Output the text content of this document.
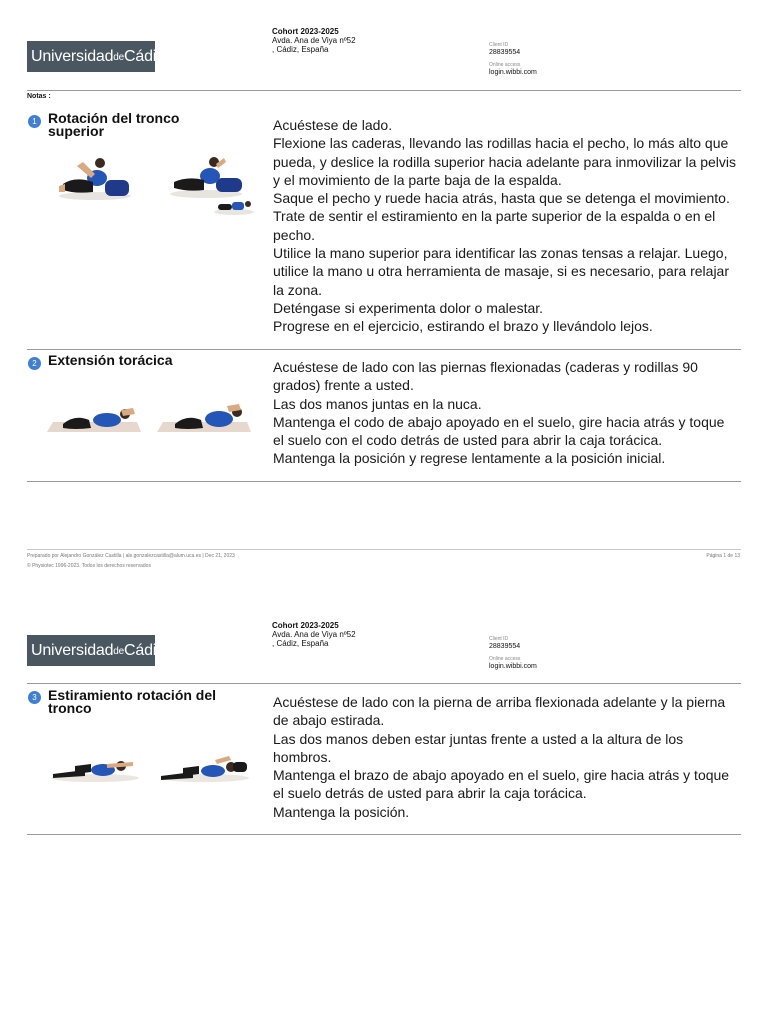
Universidad de Cádiz
Cohort 2023-2025
Avda. Ana de Viya nº52
, Cádiz, España	Client ID
28839554
Online access
login.wibbi.com
Notas :
1 Rotación del tronco
superior	Acuéstese de lado.

Flexione las caderas, llevando las rodillas hacia el pecho, lo más alto que

pueda, y deslice la rodilla superior hacia adelante para inmovilizar la pelvis

y el movimiento de la parte baja de la espalda.

Saque el pecho y ruede hacia atrás, hasta que se detenga el movimiento.

Trate de sentir el estiramiento en la parte superior de la espalda o en el

pecho.

Utilice la mano superior para identificar las zonas tensas a relajar. Luego,

utilice la mano u otra herramienta de masaje, si es necesario, para relajar

la zona.

Deténgase si experimenta dolor o malestar.

Progrese en el ejercicio, estirando el brazo y llevándolo lejos.

2 Extensión torácica	Acuéstese de lado con las piernas flexionadas (caderas y rodillas 90

grados) frente a usted.

Las dos manos juntas en la nuca.

Mantenga el codo de abajo apoyado en el suelo, gire hacia atrás y toque

el suelo con el codo detrás de usted para abrir la caja torácica.

Mantenga la posición y regrese lentamente a la posición inicial.

Preparado por Alejandro González Castilla | ale.gonzalezcastilla@alum.uca.es | Dec 21, 2023
© Physiotec 1996-2023. Todos los derechos reservados
Página 1 de 13
Universidad de Cádiz
Cohort 2023-2025
Avda. Ana de Viya nº52
, Cádiz, España	Client ID
28839554
Online access
login.wibbi.com
3 Estiramiento rotación del
tronco	Acuéstese de lado con la pierna de arriba flexionada adelante y la pierna

de abajo estirada.

Las dos manos deben estar juntas frente a usted a la altura de los

hombros.

Mantenga el brazo de abajo apoyado en el suelo, gire hacia atrás y toque

el suelo detrás de usted para abrir la caja torácica.

Mantenga la posición.
